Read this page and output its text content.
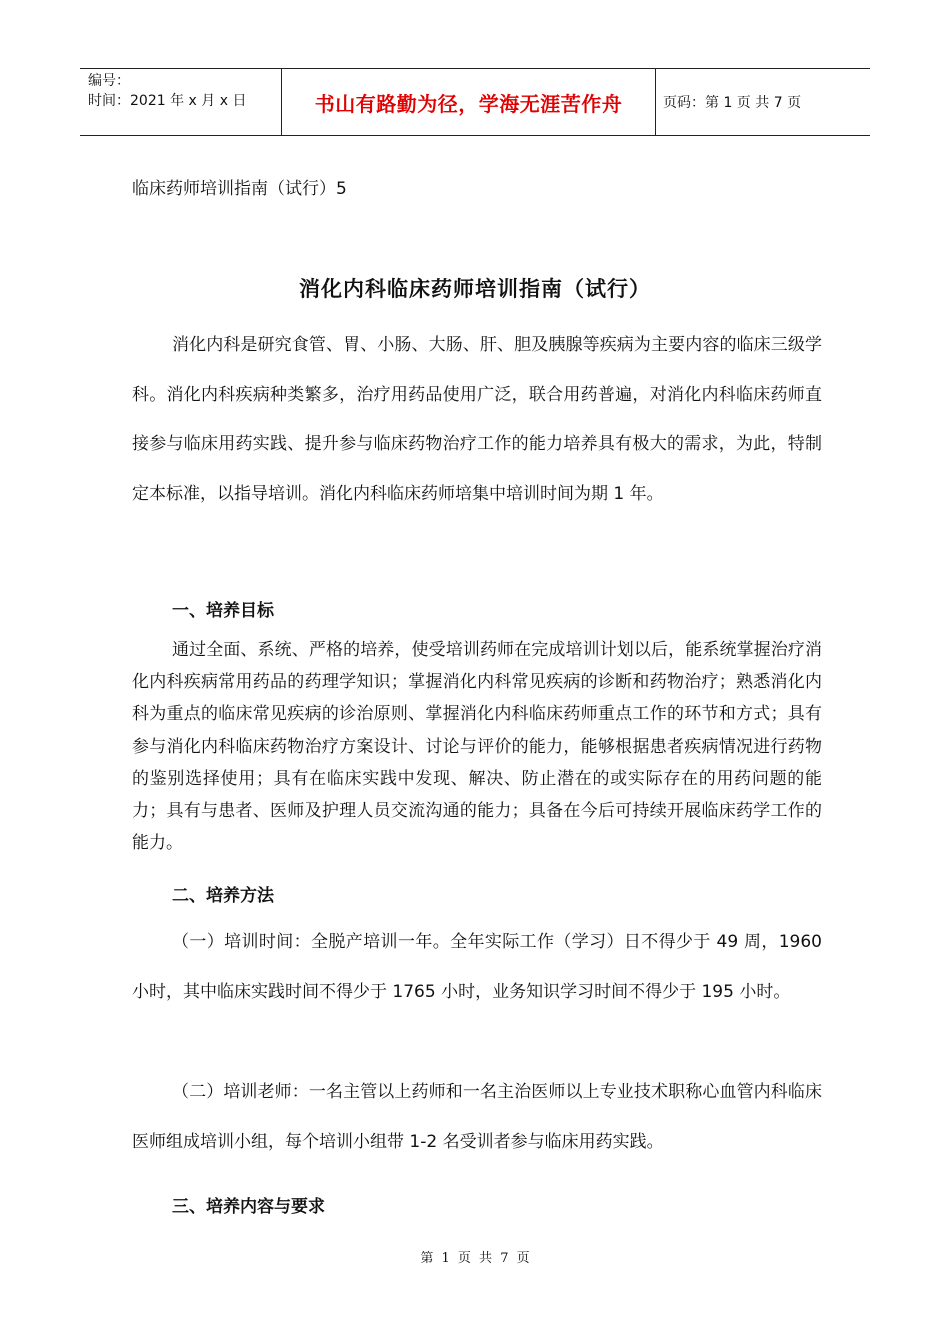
编号：
时间：2021 年 x 月 x 日	书山有路勤为径，学海无涯苦作舟	页码：第 1 页 共 7 页
临床药师培训指南（试行）5
消化内科临床药师培训指南（试行）
消化内科是研究食管、胃、小肠、大肠、肝、胆及胰腺等疾病为主要内容的临床三级学科。消化内科疾病种类繁多，治疗用药品使用广泛，联合用药普遍，对消化内科临床药师直接参与临床用药实践、提升参与临床药物治疗工作的能力培养具有极大的需求，为此，特制定本标准，以指导培训。消化内科临床药师培集中培训时间为期 1 年。
一、培养目标
通过全面、系统、严格的培养，使受培训药师在完成培训计划以后，能系统掌握治疗消化内科疾病常用药品的药理学知识；掌握消化内科常见疾病的诊断和药物治疗；熟悉消化内科为重点的临床常见疾病的诊治原则、掌握消化内科临床药师重点工作的环节和方式；具有参与消化内科临床药物治疗方案设计、讨论与评价的能力，能够根据患者疾病情况进行药物的鉴别选择使用；具有在临床实践中发现、解决、防止潜在的或实际存在的用药问题的能力；具有与患者、医师及护理人员交流沟通的能力；具备在今后可持续开展临床药学工作的能力。
二、培养方法
（一）培训时间：全脱产培训一年。全年实际工作（学习）日不得少于 49 周，1960 小时，其中临床实践时间不得少于 1765 小时，业务知识学习时间不得少于 195 小时。
（二）培训老师：一名主管以上药师和一名主治医师以上专业技术职称心血管内科临床医师组成培训小组，每个培训小组带 1-2 名受训者参与临床用药实践。
三、培养内容与要求
第 1 页 共 7 页
